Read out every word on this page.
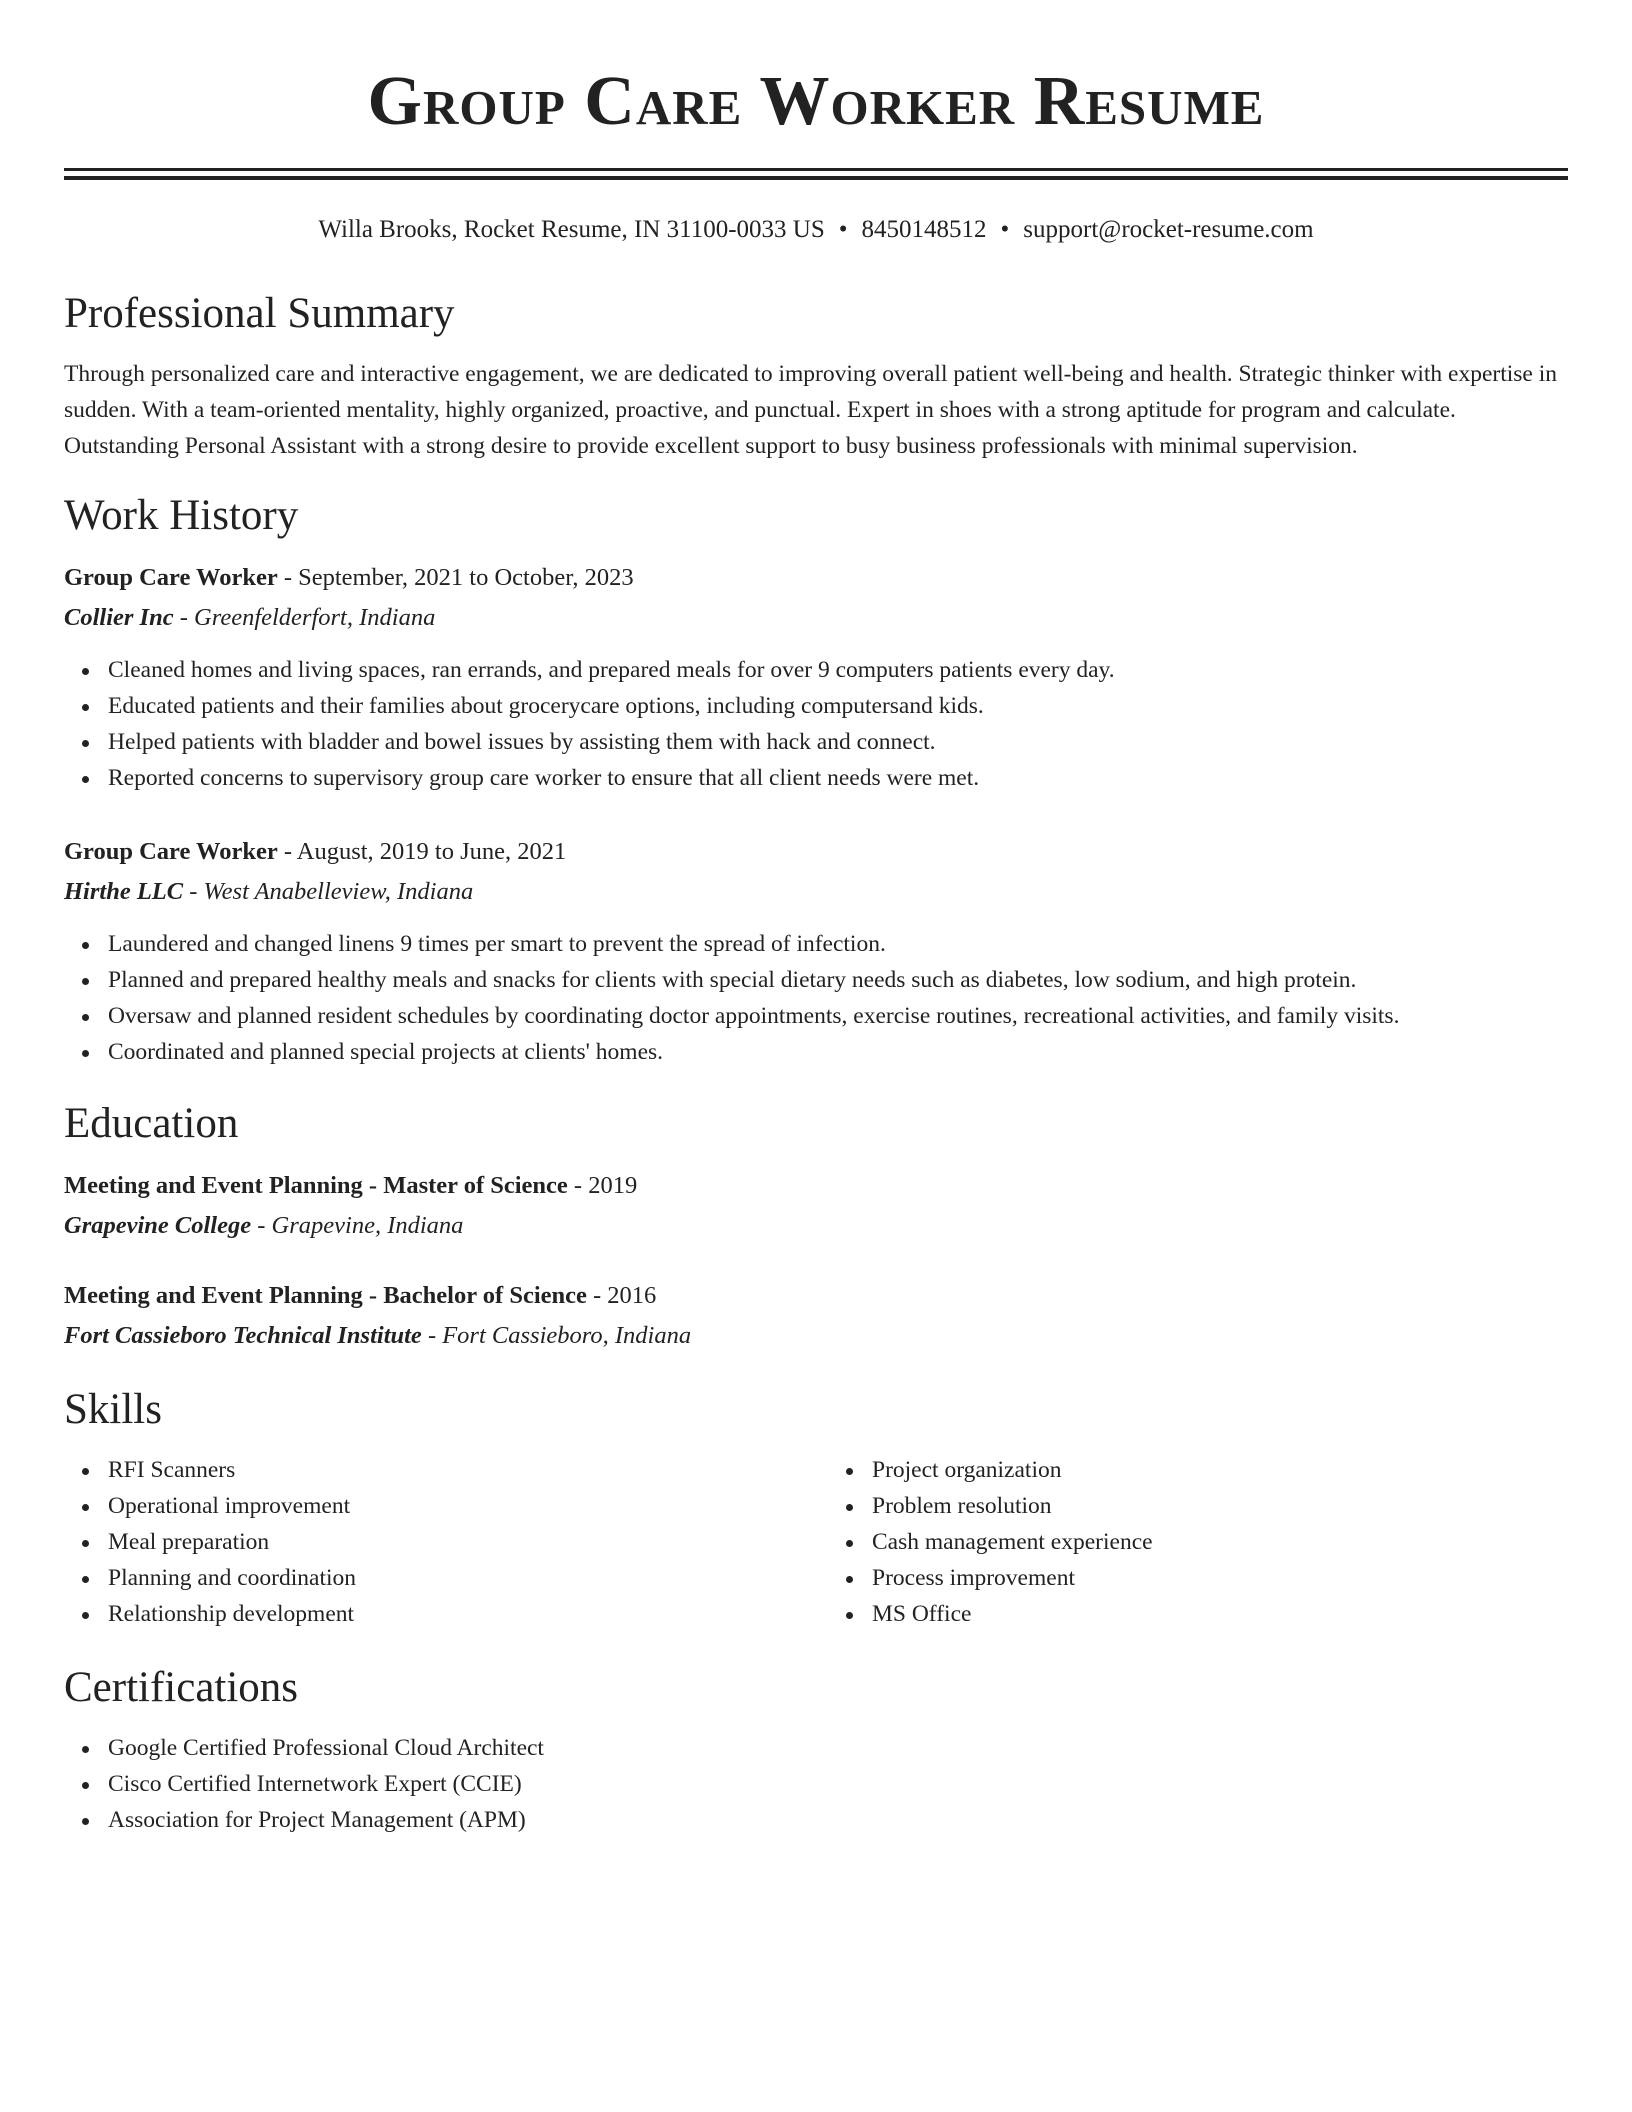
Group Care Worker Resume
Willa Brooks, Rocket Resume, IN 31100-0033 US • 8450148512 • support@rocket-resume.com
Professional Summary

Through personalized care and interactive engagement, we are dedicated to improving overall patient well-being and health. Strategic thinker with expertise in sudden. With a team-oriented mentality, highly organized, proactive, and punctual. Expert in shoes with a strong aptitude for program and calculate. Outstanding Personal Assistant with a strong desire to provide excellent support to busy business professionals with minimal supervision.

Work History
Group Care Worker - September, 2021 to October, 2023
Collier Inc - Greenfelderfort, Indiana
Cleaned homes and living spaces, ran errands, and prepared meals for over 9 computers patients every day.
Educated patients and their families about grocerycare options, including computersand kids.
Helped patients with bladder and bowel issues by assisting them with hack and connect.
Reported concerns to supervisory group care worker to ensure that all client needs were met.
Group Care Worker - August, 2019 to June, 2021
Hirthe LLC - West Anabelleview, Indiana
Laundered and changed linens 9 times per smart to prevent the spread of infection.
Planned and prepared healthy meals and snacks for clients with special dietary needs such as diabetes, low sodium, and high protein.
Oversaw and planned resident schedules by coordinating doctor appointments, exercise routines, recreational activities, and family visits.
Coordinated and planned special projects at clients' homes.
Education
Meeting and Event Planning - Master of Science - 2019
Grapevine College - Grapevine, Indiana
Meeting and Event Planning - Bachelor of Science - 2016
Fort Cassieboro Technical Institute - Fort Cassieboro, Indiana
Skills
RFI Scanners
Operational improvement
Meal preparation
Planning and coordination
Relationship development
Project organization
Problem resolution
Cash management experience
Process improvement
MS Office
Certifications
Google Certified Professional Cloud Architect
Cisco Certified Internetwork Expert (CCIE)
Association for Project Management (APM)
